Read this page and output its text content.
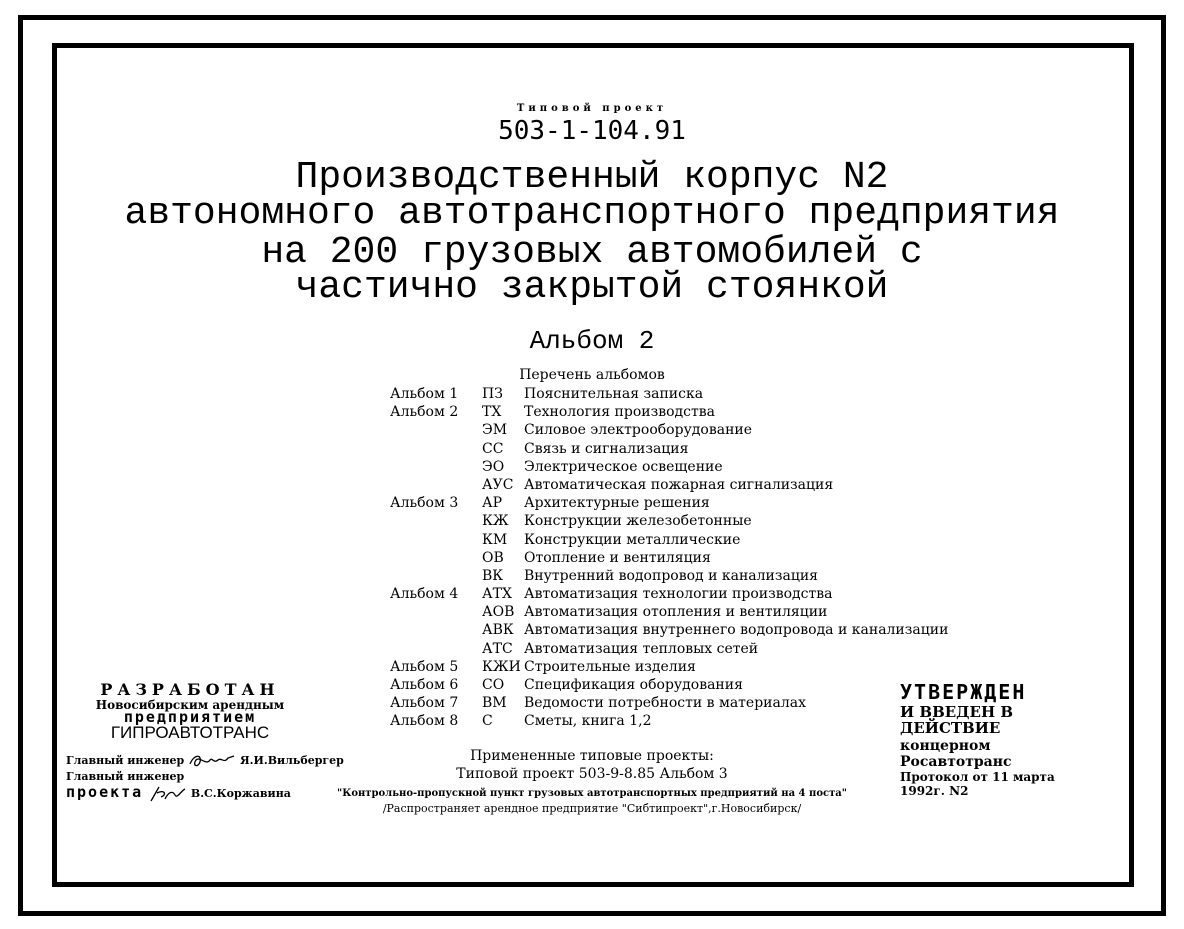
Типовой проект
503-1-104.91
Производственный корпус N2
автономного автотранспортного предприятия
на 200 грузовых автомобилей с
частично закрытой стоянкой
Альбом 2
Перечень альбомов
Альбом 1	ПЗ	Пояснительная записка
Альбом 2	ТХ	Технология производства
ЭМ	Силовое электрооборудование
СС	Связь и сигнализация
ЭО	Электрическое освещение
АУС Автоматическая пожарная сигнализация
Альбом 3	АР	Архитектурные решения
КЖ	Конструкции железобетонные
КМ	Конструкции металлические
ОВ	Отопление и вентиляция
ВК	Внутренний водопровод и канализация
Альбом 4	АТХ Автоматизация технологии производства
АОВ Автоматизация отопления и вентиляции
АВК Автоматизация внутреннего водопровода и канализации
АТС Автоматизация тепловых сетей
Альбом 5	КЖИ Строительные изделия
Альбом 6	СО	Спецификация оборудования
Альбом 7	ВМ	Ведомости потребности в материалах
Альбом 8	С	Сметы, книга 1,2
РАЗРАБОТАН
Новосибирским арендным
предприятием
ГИПРОАВТОТРАНС
Главный инженер	Я.И.Вильбергер
Главный инженер
проекта	В.С.Коржавина
УТВЕРЖДЕН
И ВВЕДЕН В ДЕЙСТВИЕ
концерном Росавтотранс
Протокол от 11 марта 1992г. N2
Примененные типовые проекты:
Типовой проект 503-9-8.85 Альбом 3
"Контрольно-пропускной пункт грузовых автотранспортных предприятий на 4 поста"
/Распространяет арендное предприятие "Сибтипроект",г.Новосибирск/
